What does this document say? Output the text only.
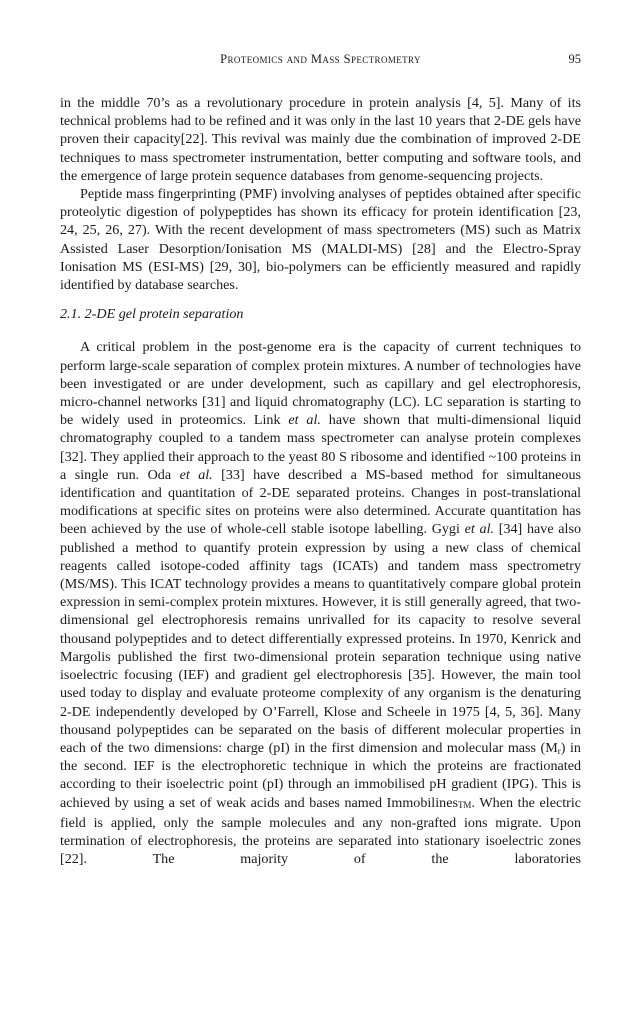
Proteomics and Mass Spectrometry	95

in the middle 70’s as a revolutionary procedure in protein analysis [4, 5]. Many of its technical problems had to be refined and it was only in the last 10 years that 2-DE gels have proven their capacity[22]. This revival was mainly due the combination of improved 2-DE techniques to mass spectrometer instrumentation, better computing and software tools, and the emergence of large protein sequence databases from genome-sequencing projects.

Peptide mass fingerprinting (PMF) involving analyses of peptides obtained after specific proteolytic digestion of polypeptides has shown its efficacy for protein identification [23, 24, 25, 26, 27). With the recent development of mass spectrometers (MS) such as Matrix Assisted Laser Desorption/Ionisation MS (MALDI-MS) [28] and the Electro-Spray Ionisation MS (ESI-MS) [29, 30], bio-polymers can be efficiently measured and rapidly identified by database searches.

2.1. 2-DE gel protein separation

A critical problem in the post-genome era is the capacity of current techniques to perform large-scale separation of complex protein mixtures. A number of technologies have been investigated or are under development, such as capillary and gel electrophoresis, micro-channel networks [31] and liquid chromatography (LC). LC separation is starting to be widely used in proteomics. Link et al. have shown that multi-dimensional liquid chromatography coupled to a tandem mass spectrometer can analyse protein complexes [32]. They applied their approach to the yeast 80 S ribosome and identified ~100 proteins in a single run. Oda et al. [33] have described a MS-based method for simultaneous identification and quantitation of 2-DE separated proteins. Changes in post-translational modifications at specific sites on proteins were also determined. Accurate quantitation has been achieved by the use of whole-cell stable isotope labelling. Gygi et al. [34] have also published a method to quantify protein expression by using a new class of chemical reagents called isotope-coded affinity tags (ICATs) and tandem mass spectrometry (MS/MS). This ICAT technology provides a means to quantitatively compare global protein expression in semi-complex protein mixtures. However, it is still generally agreed, that two-dimensional gel electrophoresis remains unrivalled for its capacity to resolve several thousand polypeptides and to detect differentially expressed proteins. In 1970, Kenrick and Margolis published the first two-dimensional protein separation technique using native isoelectric focusing (IEF) and gradient gel electrophoresis [35]. However, the main tool used today to display and evaluate proteome complexity of any organism is the denaturing 2-DE independently developed by O’Farrell, Klose and Scheele in 1975 [4, 5, 36]. Many thousand polypeptides can be separated on the basis of different molecular properties in each of the two dimensions: charge (pI) in the first dimension and molecular mass $(M_r)$ in the second. IEF is the electrophoretic technique in which the proteins are fractionated according to their isoelectric point (pI) through an immobilised pH gradient (IPG). This is achieved by using a set of weak acids and bases named ImmobilinesTM. When the electric field is applied, only the sample molecules and any non-grafted ions migrate. Upon termination of electrophoresis, the proteins are separated into stationary isoelectric zones [22]. The majority of the laboratories
